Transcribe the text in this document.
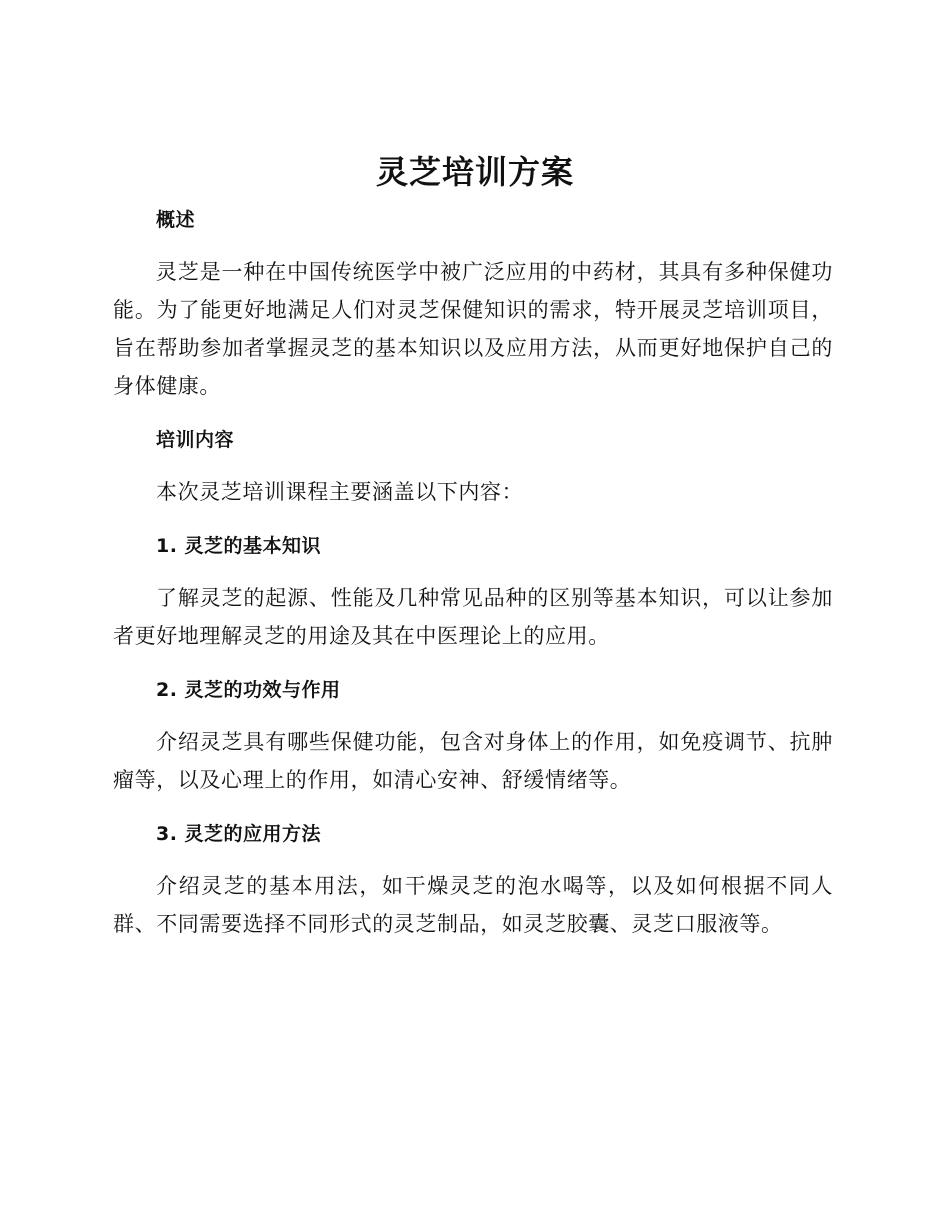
灵芝培训方案
概述

灵芝是一种在中国传统医学中被广泛应用的中药材，其具有多种保健功能。为了能更好地满足人们对灵芝保健知识的需求，特开展灵芝培训项目，旨在帮助参加者掌握灵芝的基本知识以及应用方法，从而更好地保护自己的身体健康。

培训内容

本次灵芝培训课程主要涵盖以下内容：

1. 灵芝的基本知识

了解灵芝的起源、性能及几种常见品种的区别等基本知识，可以让参加者更好地理解灵芝的用途及其在中医理论上的应用。

2. 灵芝的功效与作用

介绍灵芝具有哪些保健功能，包含对身体上的作用，如免疫调节、抗肿瘤等，以及心理上的作用，如清心安神、舒缓情绪等。

3. 灵芝的应用方法

介绍灵芝的基本用法，如干燥灵芝的泡水喝等，以及如何根据不同人群、不同需要选择不同形式的灵芝制品，如灵芝胶囊、灵芝口服液等。
